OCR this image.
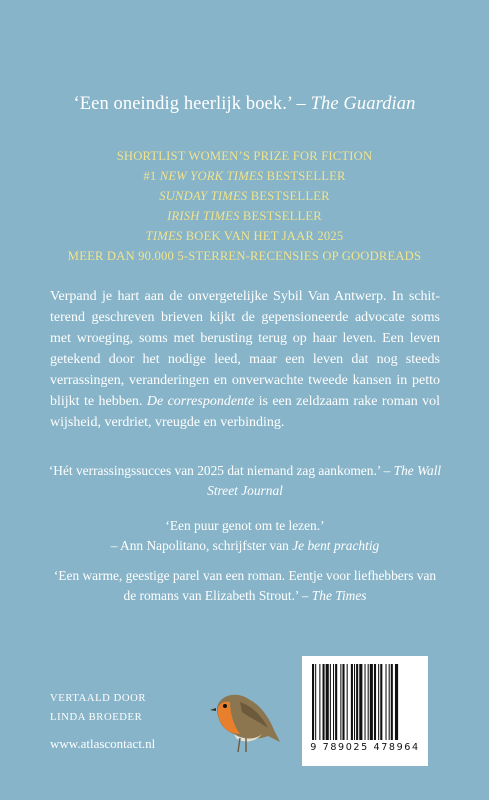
‘Een oneindig heerlijk boek.’ – The Guardian
SHORTLIST WOMEN’S PRIZE FOR FICTION
#1 NEW YORK TIMES BESTSELLER
SUNDAY TIMES BESTSELLER
IRISH TIMES BESTSELLER
TIMES BOEK VAN HET JAAR 2025
MEER DAN 90.000 5-STERREN-RECENSIES OP GOODREADS
Verpand je hart aan de onvergetelijke Sybil Van Antwerp. In schitterend geschreven brieven kijkt de gepensioneerde advocate soms met wroeging, soms met berusting terug op haar leven. Een leven getekend door het nodige leed, maar een leven dat nog steeds verrassingen, veranderingen en onverwachte tweede kansen in petto blijkt te hebben. De correspondente is een zeldzaam rake roman vol wijsheid, verdriet, vreugde en verbinding.
‘Hét verrassingssucces van 2025 dat niemand zag aankomen.’ – The Wall Street Journal
‘Een puur genot om te lezen.’
– Ann Napolitano, schrijfster van Je bent prachtig
‘Een warme, geestige parel van een roman. Eentje voor liefhebbers van de romans van Elizabeth Strout.’ – The Times
VERTAALD DOOR
LINDA BROEDER
www.atlascontact.nl	9 789025 478964
